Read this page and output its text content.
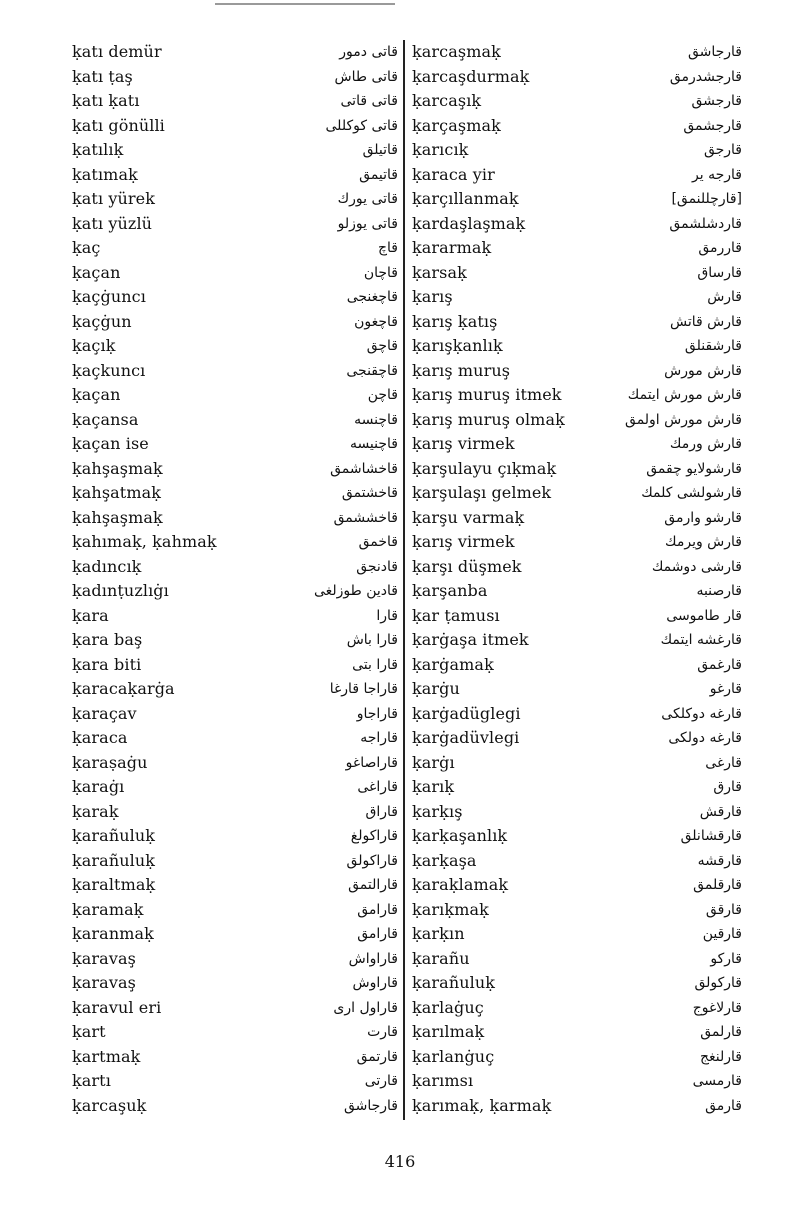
ḳatı demür	قاتى دمور
ḳatı ṭaş	قاتى طاش
ḳatı ḳatı	قاتى قاتى
ḳatı gönülli	قاتى كوكللى
ḳatılıḳ	قاتيلق
ḳatımaḳ	قاتيمق
ḳatı yürek	قاتى يورك
ḳatı yüzlü	قاتى يوزلو
ḳaç	قاچ
ḳaçan	قاچان
ḳaçġuncı	قاچغنجى
ḳaçġun	قاچغون
ḳaçıḳ	قاچق
ḳaçkuncı	قاچقنجى
ḳaçan	قاچن
ḳaçansa	قاچنسه
ḳaçan ise	قاچنيسه
ḳahşaşmaḳ	قاخشاشمق
ḳahşatmaḳ	قاخشتمق
ḳahşaşmaḳ	قاخششمق
ḳahımaḳ, ḳahmaḳ	قاخمق
ḳadıncıḳ	قادنجق
ḳadınṭuzlıġı	قادين طوزلغى
ḳara	قارا
ḳara baş	قارا باش
ḳara biti	قارا بتى
ḳaracaḳarġa	قاراجا قارغا
ḳaraçav	قاراجاو
ḳaraca	قاراجه
ḳaraṣaġu	قاراصاغو
ḳaraġı	قاراغى
ḳaraḳ	قاراق
ḳarañuluḳ	قاراكولغ
ḳarañuluḳ	قاراكولق
ḳaraltmaḳ	قارالتمق
ḳaramaḳ	قارامق
ḳaranmaḳ	قارامق
ḳaravaş	قاراواش
ḳaravaş	قاراوش
ḳaravul eri	قاراول ارى
ḳart	قارت
ḳartmaḳ	قارتمق
ḳartı	قارتى
ḳarcaşuḳ	قارجاشق
ḳarcaşmaḳ	قارجاشق
ḳarcaşdurmaḳ	قارجشدرمق
ḳarcaşıḳ	قارجشق
ḳarçaşmaḳ	قارجشمق
ḳarıcıḳ	قارجق
ḳaraca yir	قارجه ير
ḳarçıllanmaḳ	[قارچللنمق]
ḳardaşlaşmaḳ	قاردشلشمق
ḳararmaḳ	قاررمق
ḳarsaḳ	قارساق
ḳarış	قارش
ḳarış ḳatış	قارش قاتش
ḳarışḳanlıḳ	قارشقنلق
ḳarış muruş	قارش مورش
ḳarış muruş itmek	قارش مورش ايتمك
ḳarış muruş olmaḳ	قارش مورش اولمق
ḳarış virmek	قارش ورمك
ḳarşulayu çıḳmaḳ	قارشولايو چقمق
ḳarşulaşı gelmek	قارشولشى كلمك
ḳarşu varmaḳ	قارشو وارمق
ḳarış virmek	قارش ويرمك
ḳarşı düşmek	قارشى دوشمك
ḳarşanba	قارصنبه
ḳar ṭamusı	قار طاموسى
ḳarġaşa itmek	قارغشه ايتمك
ḳarġamaḳ	قارغمق
ḳarġu	قارغو
ḳarġadüglegi	قارغه دوكلكى
ḳarġadüvlegi	قارغه دولكى
ḳarġı	قارغى
ḳarıḳ	قارق
ḳarḳış	قارقش
ḳarḳaşanlıḳ	قارقشانلق
ḳarḳaşa	قارقشه
ḳaraḳlamaḳ	قارقلمق
ḳarıḳmaḳ	قارقق
ḳarḳın	قارقين
ḳarañu	قاركو
ḳarañuluḳ	قاركولق
ḳarlaġuç	قارلاغوج
ḳarılmaḳ	قارلمق
ḳarlanġuç	قارلنغج
ḳarımsı	قارمسى
ḳarımaḳ, ḳarmaḳ	قارمق
416
